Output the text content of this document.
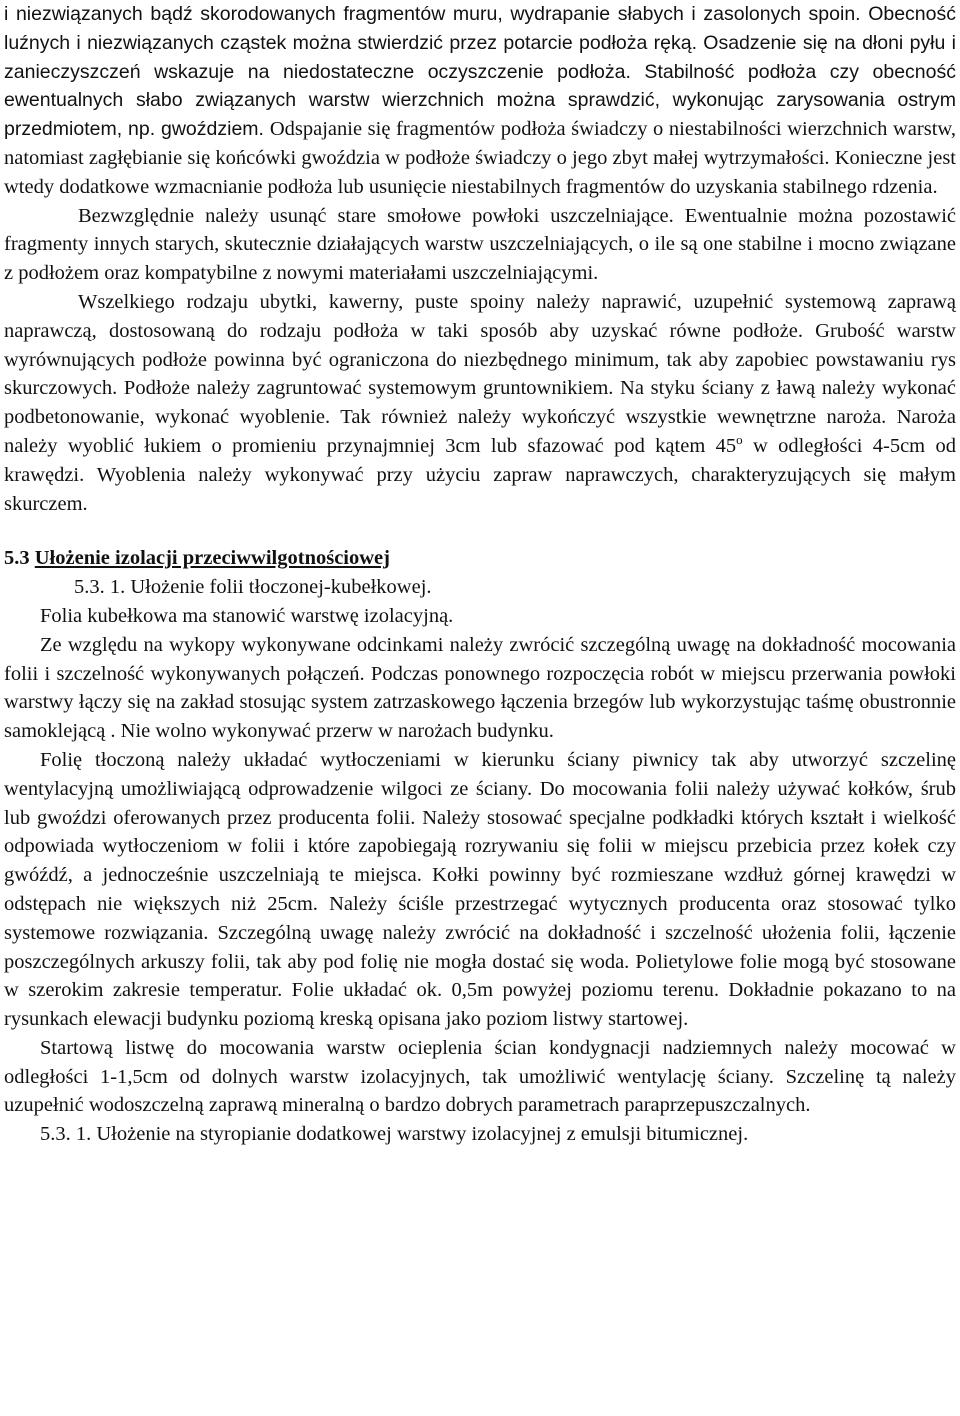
i niezwiązanych bądź skorodowanych fragmentów muru, wydrapanie słabych i zasolonych spoin. Obecność luźnych i niezwiązanych cząstek można stwierdzić przez potarcie podłoża ręką. Osadzenie się na dłoni pyłu i zanieczyszczeń wskazuje na niedostateczne oczyszczenie podłoża. Stabilność podłoża czy obecność ewentualnych słabo związanych warstw wierzchnich można sprawdzić, wykonując zarysowania ostrym przedmiotem, np. gwoździem. Odspajanie się fragmentów podłoża świadczy o niestabilności wierzchnich warstw, natomiast zagłębianie się końcówki gwoździa w podłoże świadczy o jego zbyt małej wytrzymałości. Konieczne jest wtedy dodatkowe wzmacnianie podłoża lub usunięcie niestabilnych fragmentów do uzyskania stabilnego rdzenia.

Bezwzględnie należy usunąć stare smołowe powłoki uszczelniające. Ewentualnie można pozostawić fragmenty innych starych, skutecznie działających warstw uszczelniających, o ile są one stabilne i mocno związane z podłożem oraz kompatybilne z nowymi materiałami uszczelniającymi.

Wszelkiego rodzaju ubytki, kawerny, puste spoiny należy naprawić, uzupełnić systemową zaprawą naprawczą, dostosowaną do rodzaju podłoża w taki sposób aby uzyskać równe podłoże. Grubość warstw wyrównujących podłoże powinna być ograniczona do niezbędnego minimum, tak aby zapobiec powstawaniu rys skurczowych. Podłoże należy zagruntować systemowym gruntownikiem. Na styku ściany z ławą należy wykonać podbetonowanie, wykonać wyoblenie. Tak również należy wykończyć wszystkie wewnętrzne naroża. Naroża należy wyoblić łukiem o promieniu przynajmniej 3cm lub sfazować pod kątem 45$^o$ w odległości 4-5cm od krawędzi. Wyoblenia należy wykonywać przy użyciu zapraw naprawczych, charakteryzujących się małym skurczem.

5.3 Ułożenie izolacji przeciwwilgotnościowej

5.3. 1. Ułożenie folii tłoczonej-kubełkowej.

Folia kubełkowa ma stanowić warstwę izolacyjną.

Ze względu na wykopy wykonywane odcinkami należy zwrócić szczególną uwagę na dokładność mocowania folii i szczelność wykonywanych połączeń. Podczas ponownego rozpoczęcia robót w miejscu przerwania powłoki warstwy łączy się na zakład stosując system zatrzaskowego łączenia brzegów lub wykorzystując taśmę obustronnie samoklejącą . Nie wolno wykonywać przerw w narożach budynku.

Folię tłoczoną należy układać wytłoczeniami w kierunku ściany piwnicy tak aby utworzyć szczelinę wentylacyjną umożliwiającą odprowadzenie wilgoci ze ściany. Do mocowania folii należy używać kołków, śrub lub gwoździ oferowanych przez producenta folii. Należy stosować specjalne podkładki których kształt i wielkość odpowiada wytłoczeniom w folii i które zapobiegają rozrywaniu się folii w miejscu przebicia przez kołek czy gwóźdź, a jednocześnie uszczelniają te miejsca. Kołki powinny być rozmieszane wzdłuż górnej krawędzi w odstępach nie większych niż 25cm. Należy ściśle przestrzegać wytycznych producenta oraz stosować tylko systemowe rozwiązania. Szczególną uwagę należy zwrócić na dokładność i szczelność ułożenia folii, łączenie poszczególnych arkuszy folii, tak aby pod folię nie mogła dostać się woda. Polietylowe folie mogą być stosowane w szerokim zakresie temperatur. Folie układać ok. 0,5m powyżej poziomu terenu. Dokładnie pokazano to na rysunkach elewacji budynku poziomą kreską opisana jako poziom listwy startowej.

Startową listwę do mocowania warstw ocieplenia ścian kondygnacji nadziemnych należy mocować w odległości 1-1,5cm od dolnych warstw izolacyjnych, tak umożliwić wentylację ściany. Szczelinę tą należy uzupełnić wodoszczelną zaprawą mineralną o bardzo dobrych parametrach paraprzepuszczalnych.

5.3. 1. Ułożenie na styropianie dodatkowej warstwy izolacyjnej z emulsji bitumicznej.
